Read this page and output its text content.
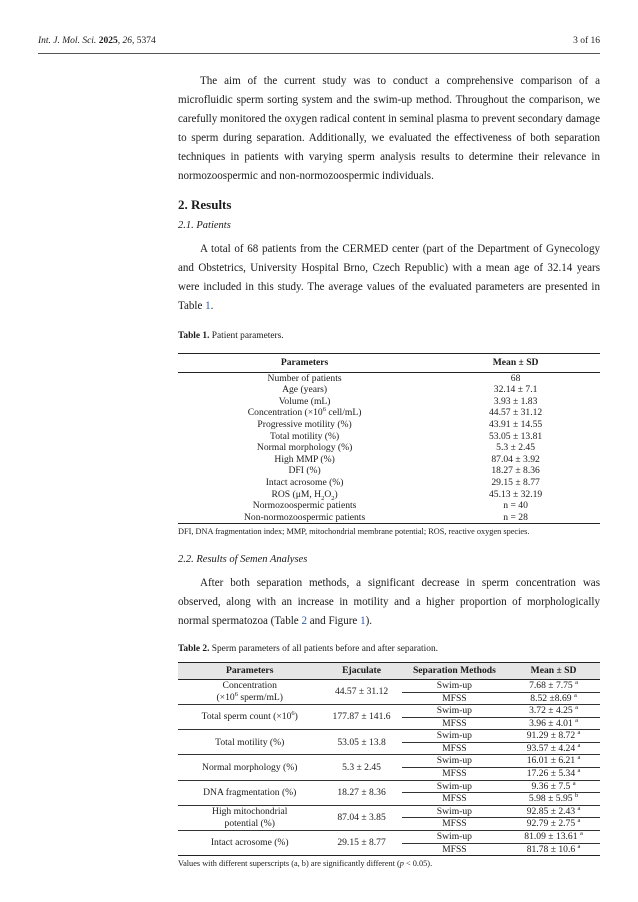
Int. J. Mol. Sci. 2025, 26, 5374	3 of 16

The aim of the current study was to conduct a comprehensive comparison of a microfluidic sperm sorting system and the swim-up method. Throughout the comparison, we carefully monitored the oxygen radical content in seminal plasma to prevent secondary damage to sperm during separation. Additionally, we evaluated the effectiveness of both separation techniques in patients with varying sperm analysis results to determine their relevance in normozoospermic and non-normozoospermic individuals.

2. Results
2.1. Patients

A total of 68 patients from the CERMED center (part of the Department of Gynecology and Obstetrics, University Hospital Brno, Czech Republic) with a mean age of 32.14 years were included in this study. The average values of the evaluated parameters are presented in Table 1.

Table 1. Patient parameters.
Parameters	Mean ± SD
Number of patients	68
Age (years)	32.14 ± 7.1
Volume (mL)	3.93 ± 1.83
Concentration ($\times 10^6$ cell/mL)	44.57 ± 31.12
Progressive motility (%)	43.91 ± 14.55
Total motility (%)	53.05 ± 13.81
Normal morphology (%)	5.3 ± 2.45
High MMP (%)	87.04 ± 3.92
DFI (%)	18.27 ± 8.36
Intact acrosome (%)	29.15 ± 8.77
ROS (μM, $H_2O_2$)	45.13 ± 32.19
Normozoospermic patients	n = 40
Non-normozoospermic patients	n = 28
DFI, DNA fragmentation index; MMP, mitochondrial membrane potential; ROS, reactive oxygen species.
2.2. Results of Semen Analyses

After both separation methods, a significant decrease in sperm concentration was observed, along with an increase in motility and a higher proportion of morphologically normal spermatozoa (Table 2 and Figure 1).

Table 2. Sperm parameters of all patients before and after separation.
Parameters	Ejaculate	Separation Methods	Mean ± SD
Concentration
($\times 10^6$ sperm/mL)	44.57 ± 31.12	Swim-up	7.68 ± 7.75 $^a$
		MFSS	8.52 ±8.69 $^a$
Total sperm count $(\times 10^6)$	177.87 ± 141.6	Swim-up	3.72 ± 4.25 $^a$
		MFSS	3.96 ± 4.01 $^a$
Total motility (%)	53.05 ± 13.8	Swim-up	91.29 ± 8.72 $^a$
		MFSS	93.57 ± 4.24 $^a$
Normal morphology (%)	5.3 ± 2.45	Swim-up	16.01 ± 6.21 $^a$
		MFSS	17.26 ± 5.34 $^a$
DNA fragmentation (%)	18.27 ± 8.36	Swim-up	9.36 ± 7.5 $^a$
		MFSS	5.98 ± 5.95 $^b$
High mitochondrial
potential (%)	87.04 ± 3.85	Swim-up	92.85 ± 2.43 $^a$
		MFSS	92.79 ± 2.75 $^a$
Intact acrosome (%)	29.15 ± 8.77	Swim-up	81.09 ± 13.61 $^a$
		MFSS	81.78 ± 10.6 $^a$
Values with different superscripts (a, b) are significantly different (p < 0.05).
